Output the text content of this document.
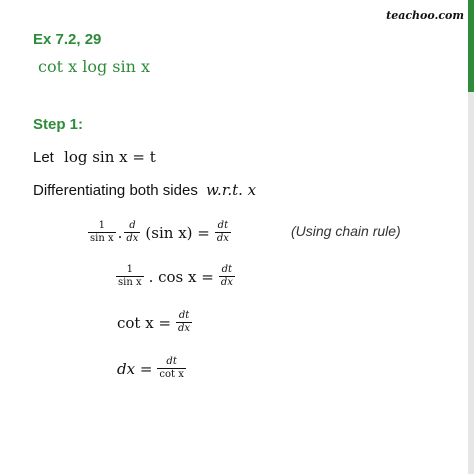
teachoo.com
Ex 7.2, 29
cot x log sin x
Step 1:
Let log sin x = t
Differentiating both sides w.r.t. x
$\frac{1}{\text{sin x}}$ . $\frac{d}{dx} (\sin$ $x) = \frac{dt}{dx}$	(Using chain rule)
$\frac{1}{\text{sin x}}$ . $\cos x = \frac{dt}{dx}$
$\cot x = \frac{dt}{dx}$
dx = $\frac{dt}{\text{cot x}}$
